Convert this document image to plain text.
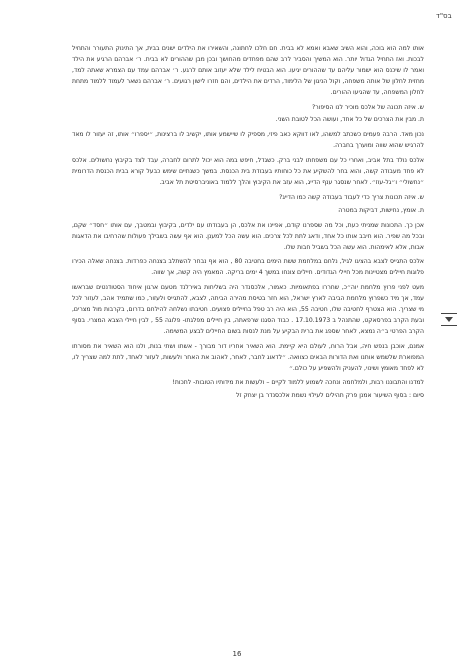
בס"ד

אותו למה הוא בוכה, והוא השיב שאבא ואמא לא בבית. חם חלכו לחתונה, והשאירו את הילדים ישנים בבית, אך התינוק התעורר והתחיל לבכות. ואז התחיל הגדול יותר. הוא המשיך והסביר לרב שהם מפחדים מהחושך ובכן מבן שההורים לא בבית. ר׳ אברהם הרגיע את הילד ואמר לו שיכנס הוא ישמור עליהם עד שההורים יגיעו. הוא הבטיח לילד שלא יעזוב אותם לרגע. ר׳ אברהם עמד עם הצמרא שאתה למד, מחזית לחלון של אותה משפחה, וקול הניגון של הלימוד, הרדים את הילדים, והם חזרו לישון רגועים. ר׳ אברהם נשאר לעמוד ללמוד מתחת לחלון המשפחה, עד שהגיעו ההורים.

ש. איזה תכונה של אלכס מוכיר לנו הסיפור?

ת. מבין את הצרכים של כל אחד, ועושה הכל לטובת השני.

נכון מאד. הרבה פעמים כשכתב למשהו, לאו דווקא כאב פיזי, מספיק לו שיישמע אותו, יקשיב לו ברצינות, ״יספרו״ אותו, זה יעזור לו מאד להרגיש שהוא שווה ומוערך בחברה.

אלכס נולד בתל אביב, ואחרי כל עם משפחתו לבני ברק. כשגדל, חיפש במה הוא יכול לתרום לחברה, עבד לצד בקיבוץ נחשולים. אלכס לא פחד מעבודה קשה, והוא בחר להשקיע את כל כוחותיו בעבודת בית הכנסת. במשך כשנתיים שימש כבעל קורא בבית הכנסת הדרומית ״נחשולי״ ו״גל-עוז״. לאחר שנסגר ענף הדייג, הוא עזב את הקיבוץ והלך ללמוד באוניברסיטת תל אביב.

ש. איזה תכונות צריך כדי לעבוד בעבודה קשה כמו הדייג?

ת. אומץ, נחישות, דביקות במטרה

אכן כך. התכונות שמניתי כעת, וכל מה שספרנו קודם, אפיינו את אלכס, הן בעבודתו עם ילדים, בקיבוץ ובמטבך, עם אותו ״חסד״ שקם, ובכל מה שפיר. הוא חיבב אותו כל אחד, ודאג לתת לכל צרכים. הוא עשה הכל למענן. הוא אף עשה בשבילך פעולות שהרחיבו את הדאגות אבות, אלא לאימהות. הוא עשה הכל בשביל חבות שלו.

אלכס התגייס לצבא בהציגו לגיל, נלחם במלחמת ששת הימים בחטיבה 80 , הוא אף נבחר להשתלב בצנחה כפרדות. בצנחה שאלה הכירו פלוגות חיילים מצטיינות מכל חיילי הגדודים. חיילים צונחו במשך 4 ימים בריקה. המאמץ היה קשה, אך שווה.

מעט לפני פרוץ מלחמת יוה״כ, שחררו בפתאומיות. כאמור, אלכסנדר היה בשליחות באירלנד מטעם ארגון איחוד הסטודנטים שבראשו עמד, אך מיד כשפרוץ מלחמת הביבה לארץ ישראל, הוא חזר בטיסת מהירה הביתה, לצבא, להתגייס ולעזור, כמו שתמיד אהב, לעזור לכל מי שצריך. הוא הצטרף לחטיבה שלו, חטיבה 55, הוא היה רב טפל בחיילים פצועים. חטיבתו נשלחה להילחם בדרום, בקרבות מול מצרים, ובעת הקרב בפרסאקט, שהתנהל ב 17.10.1973 . כבוד הסגנו שרפאתה, בין חיילים מפלגתו- פלוגה 55 , לבין חיילי הצבא המצרי. בסוף הקרב הפרטי ב״ה נמצא, לאחר שספג את ברית הבקיע על מנת לנסות בשום החיילים לבצע המשימה.

אמנם, אוכבן בנפש חיה, אבל הרוח, לעולם היא קיימת. הוא השאיר אחריו דור מבורך - אשתו ושתי בנות, ולנו הוא השאיר את מסורתו המפוארת שלשמש אותנו ואת הדורות הבאים כצוואה. ״לדאוג לחבר, לאחר, לאהוב את האחר ולעשות, לעזור לאחד, לתת למה שצריך לו, לא לפחד מאומץ ושינוי, להעניק ולהשפיע על כולם.״

למדנו והתבוננו רבות, ולמלחמה ונחכה לשמוע ללמוד לקיים – ולעשות את מידותיו הטובות- לתכות!

סיום : בסוף השיעור אמנן פרק תהילים לעילוי נשמת אלכסנדר בן יצחק זל

16
